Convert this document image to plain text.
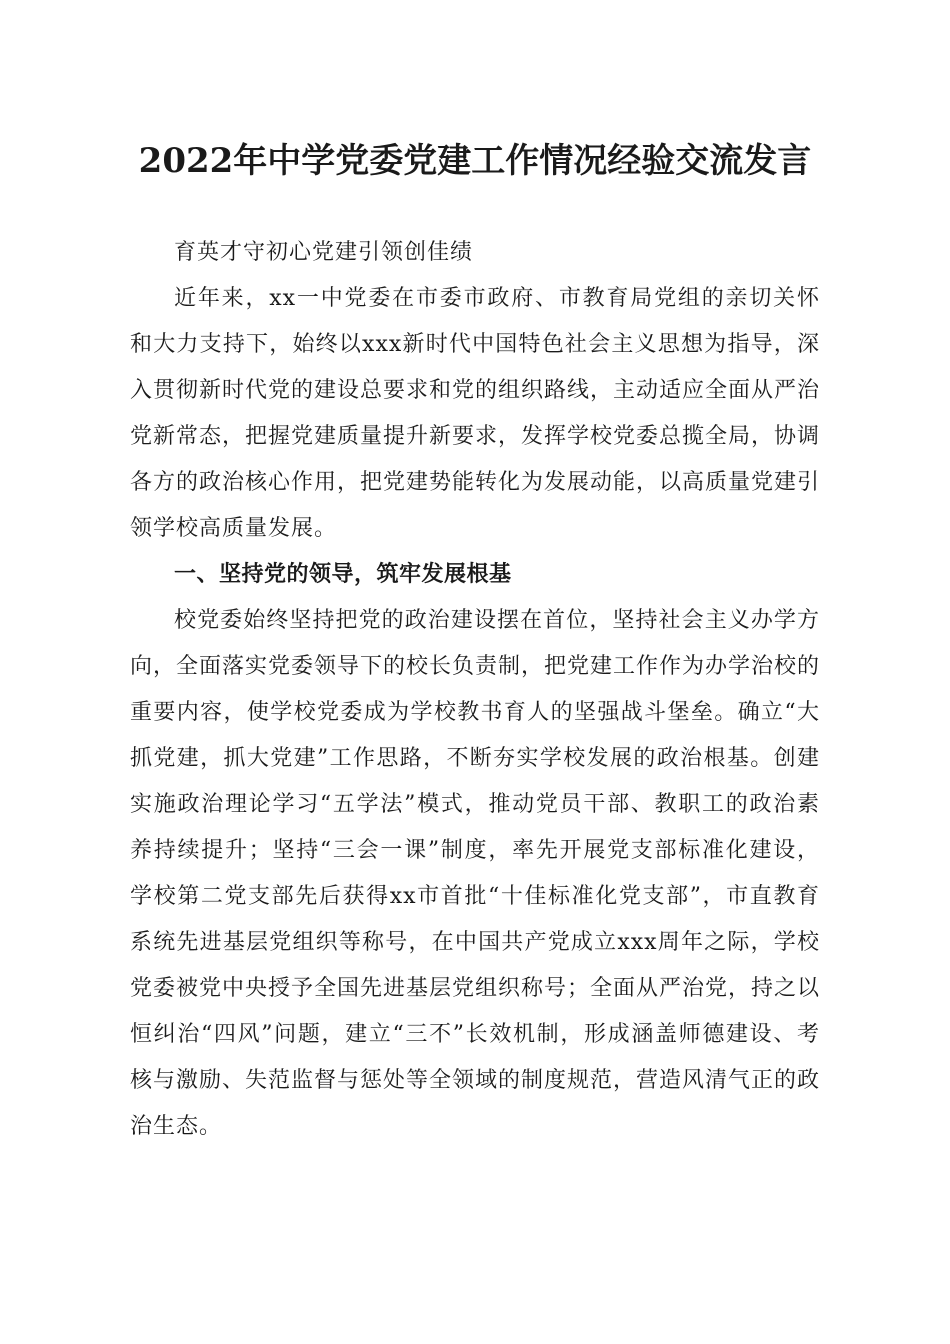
2022年中学党委党建工作情况经验交流发言

育英才守初心党建引领创佳绩

近年来，xx一中党委在市委市政府、市教育局党组的亲切关怀和大力支持下，始终以xxx新时代中国特色社会主义思想为指导，深入贯彻新时代党的建设总要求和党的组织路线，主动适应全面从严治党新常态，把握党建质量提升新要求，发挥学校党委总揽全局，协调各方的政治核心作用，把党建势能转化为发展动能，以高质量党建引领学校高质量发展。

一、坚持党的领导，筑牢发展根基

校党委始终坚持把党的政治建设摆在首位，坚持社会主义办学方向，全面落实党委领导下的校长负责制，把党建工作作为办学治校的重要内容，使学校党委成为学校教书育人的坚强战斗堡垒。确立“大抓党建，抓大党建”工作思路，不断夯实学校发展的政治根基。创建实施政治理论学习“五学法”模式，推动党员干部、教职工的政治素养持续提升；坚持“三会一课”制度，率先开展党支部标准化建设，学校第二党支部先后获得xx市首批“十佳标准化党支部”，市直教育系统先进基层党组织等称号，在中国共产党成立xxx周年之际，学校党委被党中央授予全国先进基层党组织称号；全面从严治党，持之以恒纠治“四风”问题，建立“三不”长效机制，形成涵盖师德建设、考核与激励、失范监督与惩处等全领域的制度规范，营造风清气正的政治生态。
